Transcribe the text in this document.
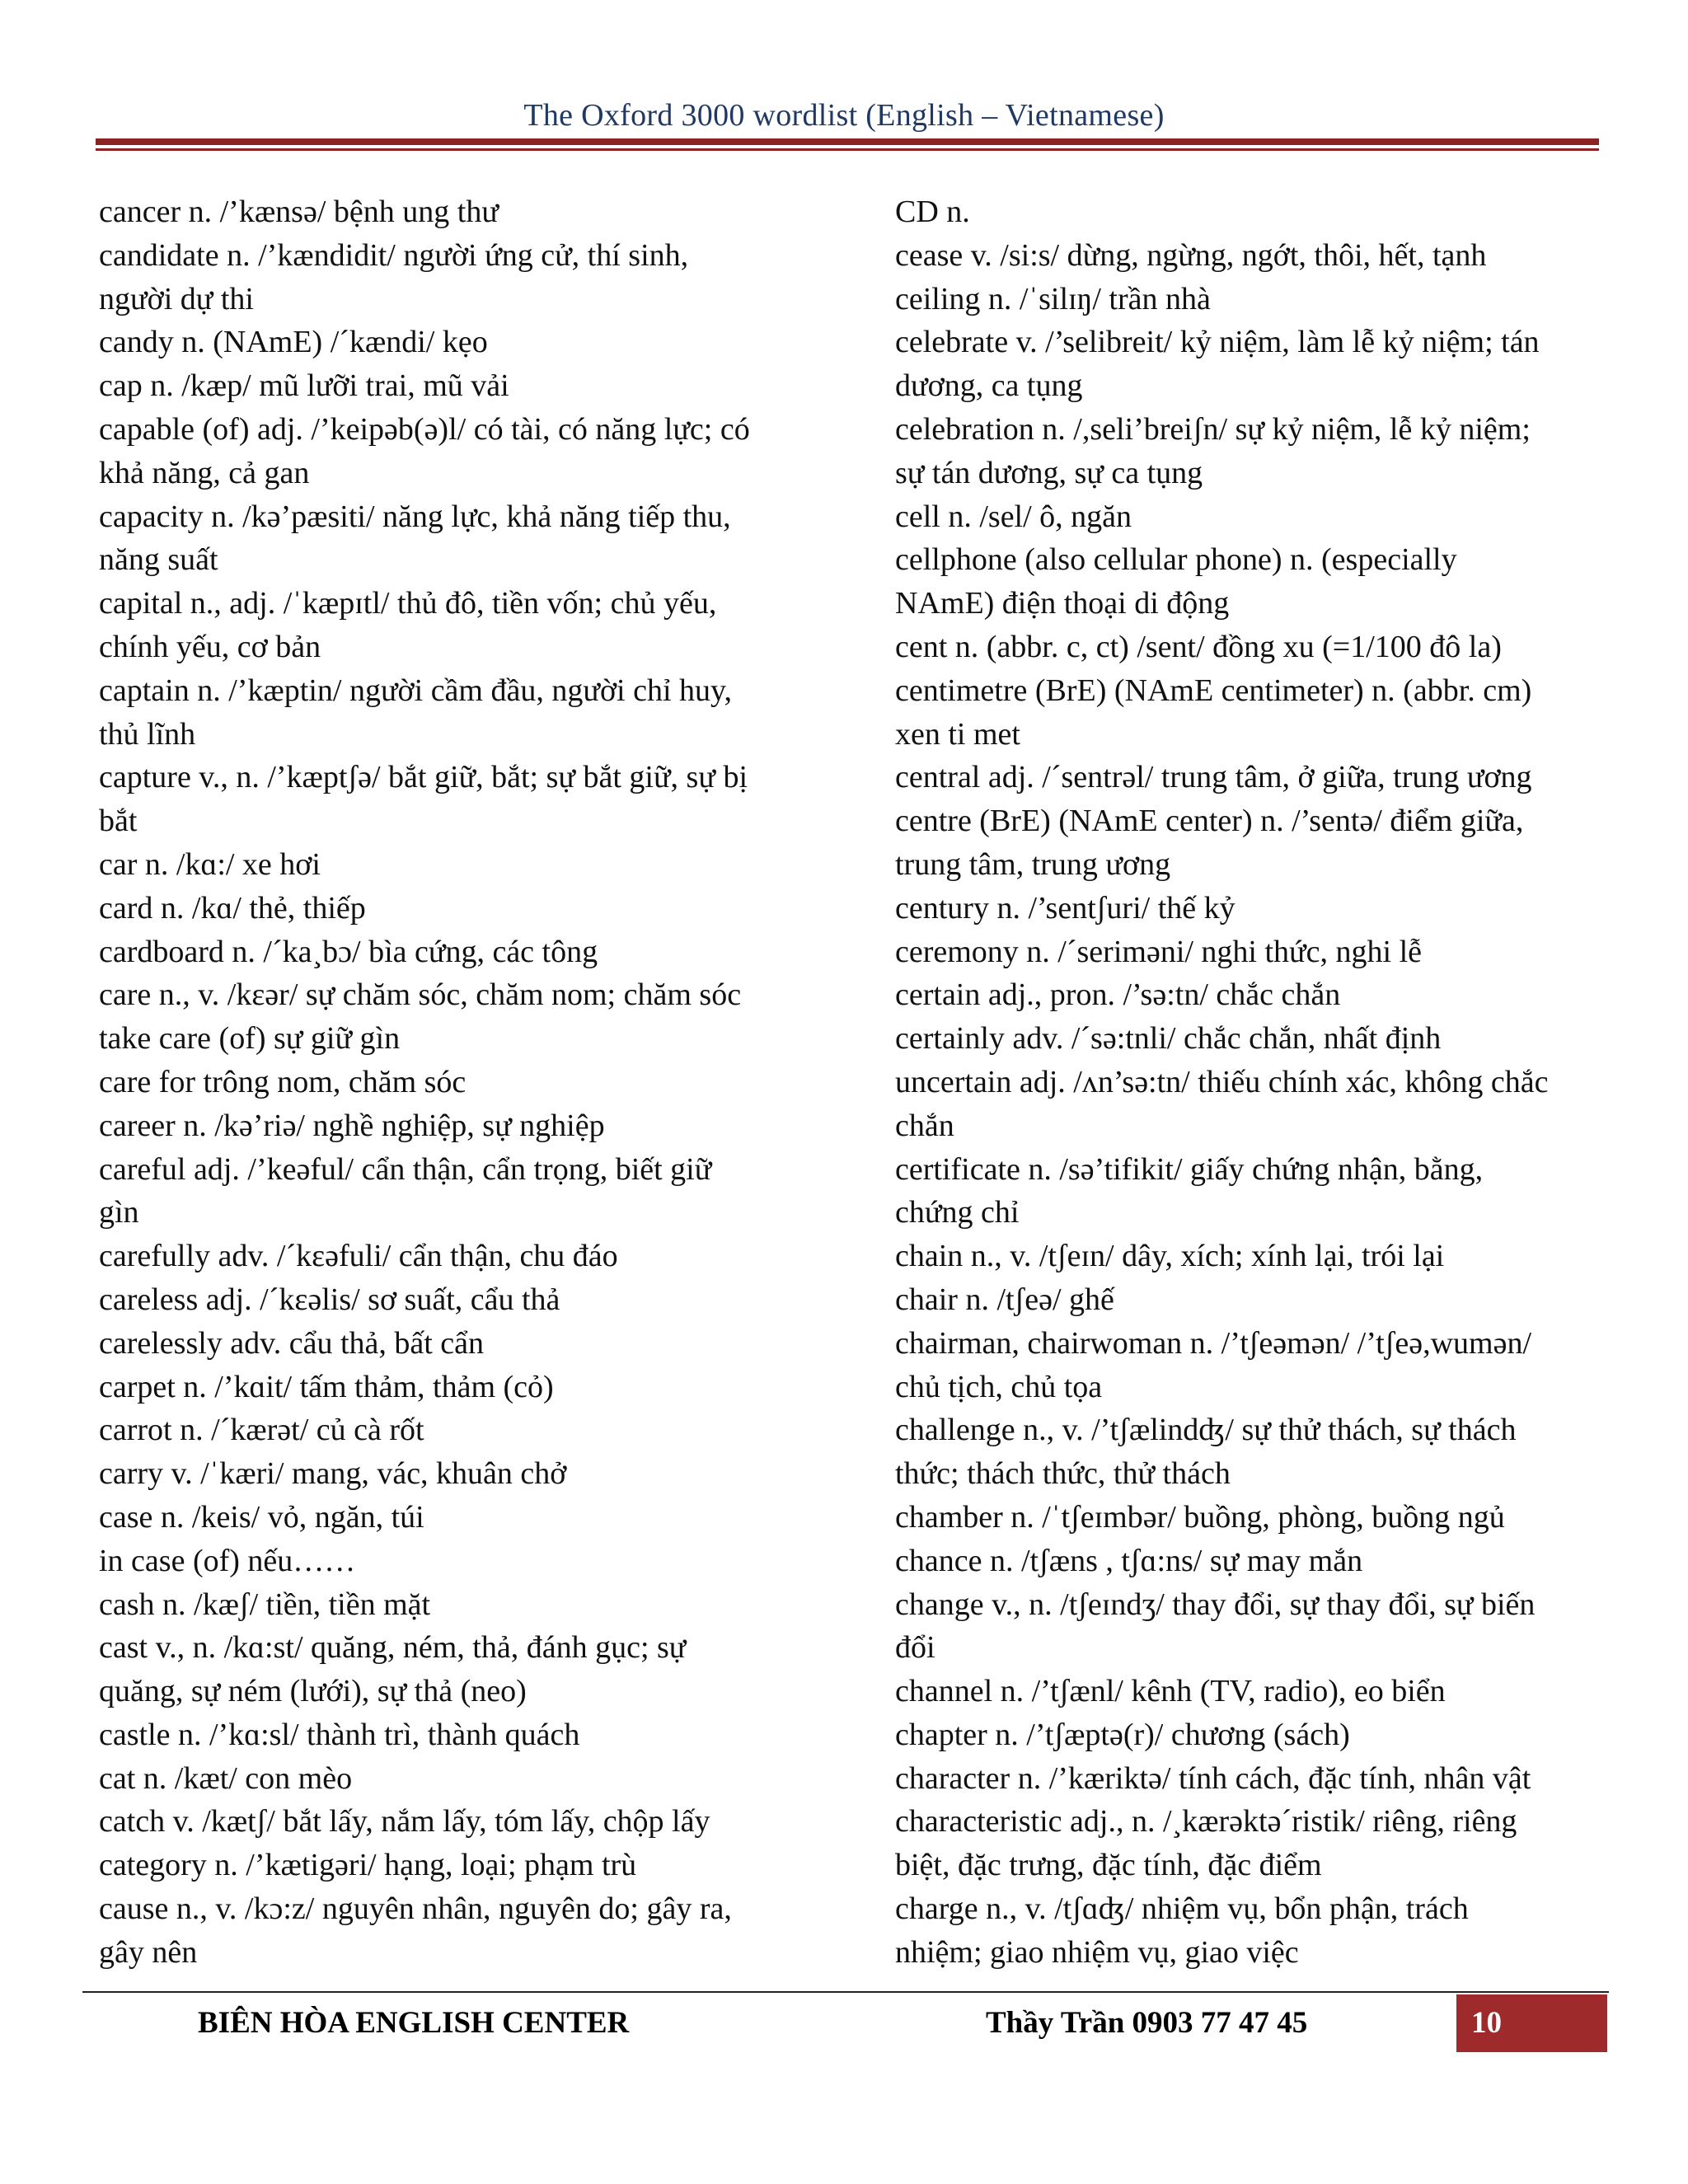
The Oxford 3000 wordlist (English – Vietnamese)

cancer n. /’kænsə/ bệnh ung thư

candidate n. /’kændidit/ người ứng cử, thí sinh,

người dự thi

candy n. (NAmE) /´kændi/ kẹo

cap n. /kæp/ mũ lưỡi trai, mũ vải

capable (of) adj. /’keipəb(ə)l/ có tài, có năng lực; có

khả năng, cả gan

capacity n. /kə’pæsiti/ năng lực, khả năng tiếp thu,

năng suất

capital n., adj. /ˈkæpɪtl/ thủ đô, tiền vốn; chủ yếu,

chính yếu, cơ bản

captain n. /’kæptin/ người cầm đầu, người chỉ huy,

thủ lĩnh

capture v., n. /’kæptʃə/ bắt giữ, bắt; sự bắt giữ, sự bị

bắt

car n. /kɑ:/ xe hơi

card n. /kɑ/ thẻ, thiếp

cardboard n. /´ka¸bɔ/ bìa cứng, các tông

care n., v. /kɛər/ sự chăm sóc, chăm nom; chăm sóc

take care (of) sự giữ gìn

care for trông nom, chăm sóc

career n. /kə’riə/ nghề nghiệp, sự nghiệp

careful adj. /’keəful/ cẩn thận, cẩn trọng, biết giữ

gìn

carefully adv. /´kɛəfuli/ cẩn thận, chu đáo

careless adj. /´kɛəlis/ sơ suất, cẩu thả

carelessly adv. cẩu thả, bất cẩn

carpet n. /’kɑit/ tấm thảm, thảm (cỏ)

carrot n. /´kærət/ củ cà rốt

carry v. /ˈkæri/ mang, vác, khuân chở

case n. /keis/ vỏ, ngăn, túi

in case (of) nếu……

cash n. /kæʃ/ tiền, tiền mặt

cast v., n. /kɑ:st/ quăng, ném, thả, đánh gục; sự

quăng, sự ném (lưới), sự thả (neo)

castle n. /’kɑ:sl/ thành trì, thành quách

cat n. /kæt/ con mèo

catch v. /kætʃ/ bắt lấy, nắm lấy, tóm lấy, chộp lấy

category n. /’kætigəri/ hạng, loại; phạm trù

cause n., v. /kɔ:z/ nguyên nhân, nguyên do; gây ra,

gây nên

CD n.

cease v. /si:s/ dừng, ngừng, ngớt, thôi, hết, tạnh

ceiling n. /ˈsilɪŋ/ trần nhà

celebrate v. /’selibreit/ kỷ niệm, làm lễ kỷ niệm; tán

dương, ca tụng

celebration n. /,seli’breiʃn/ sự kỷ niệm, lễ kỷ niệm;

sự tán dương, sự ca tụng

cell n. /sel/ ô, ngăn

cellphone (also cellular phone) n. (especially

NAmE) điện thoại di động

cent n. (abbr. c, ct) /sent/ đồng xu (=1/100 đô la)

centimetre (BrE) (NAmE centimeter) n. (abbr. cm)

xen ti met

central adj. /´sentrəl/ trung tâm, ở giữa, trung ương

centre (BrE) (NAmE center) n. /’sentə/ điểm giữa,

trung tâm, trung ương

century n. /’sentʃuri/ thế kỷ

ceremony n. /´seriməni/ nghi thức, nghi lễ

certain adj., pron. /’sə:tn/ chắc chắn

certainly adv. /´sə:tnli/ chắc chắn, nhất định

uncertain adj. /ʌn’sə:tn/ thiếu chính xác, không chắc

chắn

certificate n. /sə’tifikit/ giấy chứng nhận, bằng,

chứng chỉ

chain n., v. /tʃeɪn/ dây, xích; xính lại, trói lại

chair n. /tʃeə/ ghế

chairman, chairwoman n. /’tʃeəmən/ /’tʃeə,wumən/

chủ tịch, chủ tọa

challenge n., v. /’tʃælindʤ/ sự thử thách, sự thách

thức; thách thức, thử thách

chamber n. /ˈtʃeɪmbər/ buồng, phòng, buồng ngủ

chance n. /tʃæns , tʃɑ:ns/ sự may mắn

change v., n. /tʃeɪndʒ/ thay đổi, sự thay đổi, sự biến

đổi

channel n. /’tʃænl/ kênh (TV, radio), eo biển

chapter n. /’tʃæptə(r)/ chương (sách)

character n. /’kæriktə/ tính cách, đặc tính, nhân vật

characteristic adj., n. /¸kærəktə´ristik/ riêng, riêng

biệt, đặc trưng, đặc tính, đặc điểm

charge n., v. /tʃɑʤ/ nhiệm vụ, bổn phận, trách

nhiệm; giao nhiệm vụ, giao việc

BIÊN HÒA ENGLISH CENTER	Thầy Trần 0903 77 47 45	10
